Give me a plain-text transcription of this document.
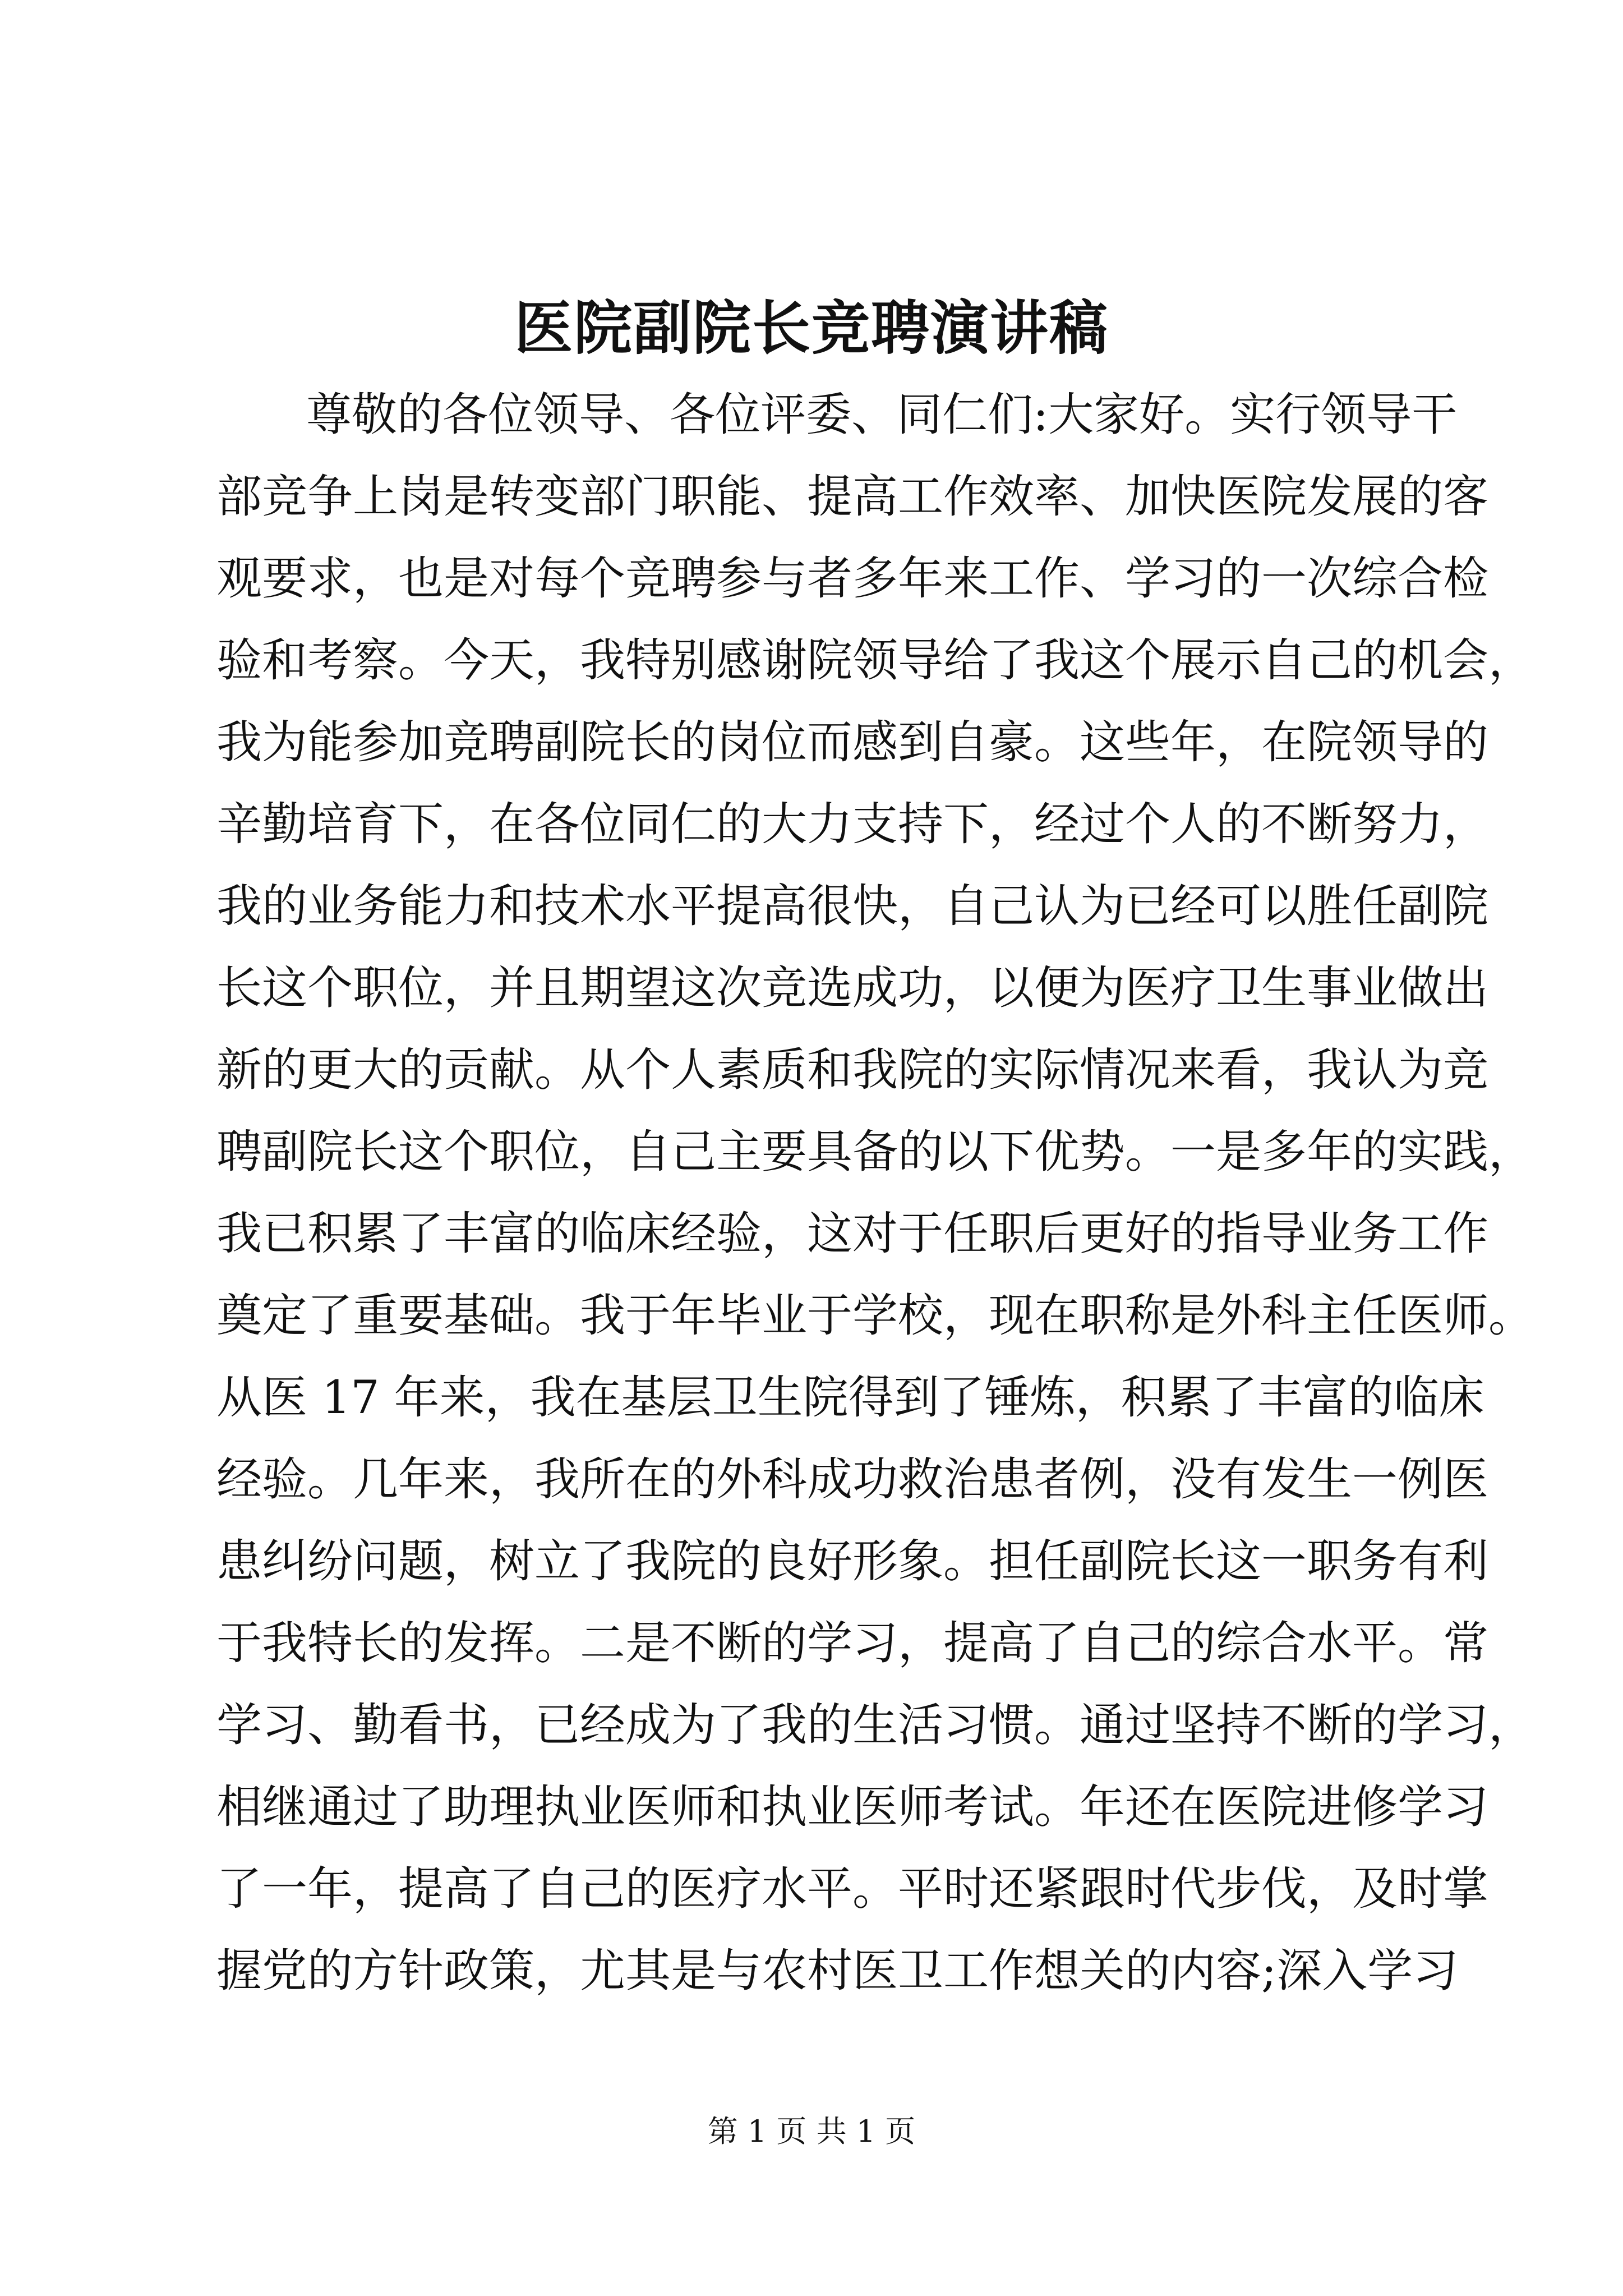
医院副院长竞聘演讲稿
尊敬的各位领导、各位评委、同仁们:大家好。实行领导干
部竞争上岗是转变部门职能、提高工作效率、加快医院发展的客
观要求，也是对每个竞聘参与者多年来工作、学习的一次综合检
验和考察。今天，我特别感谢院领导给了我这个展示自己的机会，
我为能参加竞聘副院长的岗位而感到自豪。这些年，在院领导的
辛勤培育下，在各位同仁的大力支持下，经过个人的不断努力，
我的业务能力和技术水平提高很快，自己认为已经可以胜任副院
长这个职位，并且期望这次竞选成功，以便为医疗卫生事业做出
新的更大的贡献。从个人素质和我院的实际情况来看，我认为竞
聘副院长这个职位，自己主要具备的以下优势。一是多年的实践，
我已积累了丰富的临床经验，这对于任职后更好的指导业务工作
奠定了重要基础。我于年毕业于学校，现在职称是外科主任医师。
从医 17 年来，我在基层卫生院得到了锤炼，积累了丰富的临床
经验。几年来，我所在的外科成功救治患者例，没有发生一例医
患纠纷问题，树立了我院的良好形象。担任副院长这一职务有利
于我特长的发挥。二是不断的学习，提高了自己的综合水平。常
学习、勤看书，已经成为了我的生活习惯。通过坚持不断的学习，
相继通过了助理执业医师和执业医师考试。年还在医院进修学习
了一年，提高了自己的医疗水平。平时还紧跟时代步伐，及时掌
握党的方针政策，尤其是与农村医卫工作想关的内容;深入学习
第 1 页 共 1 页
